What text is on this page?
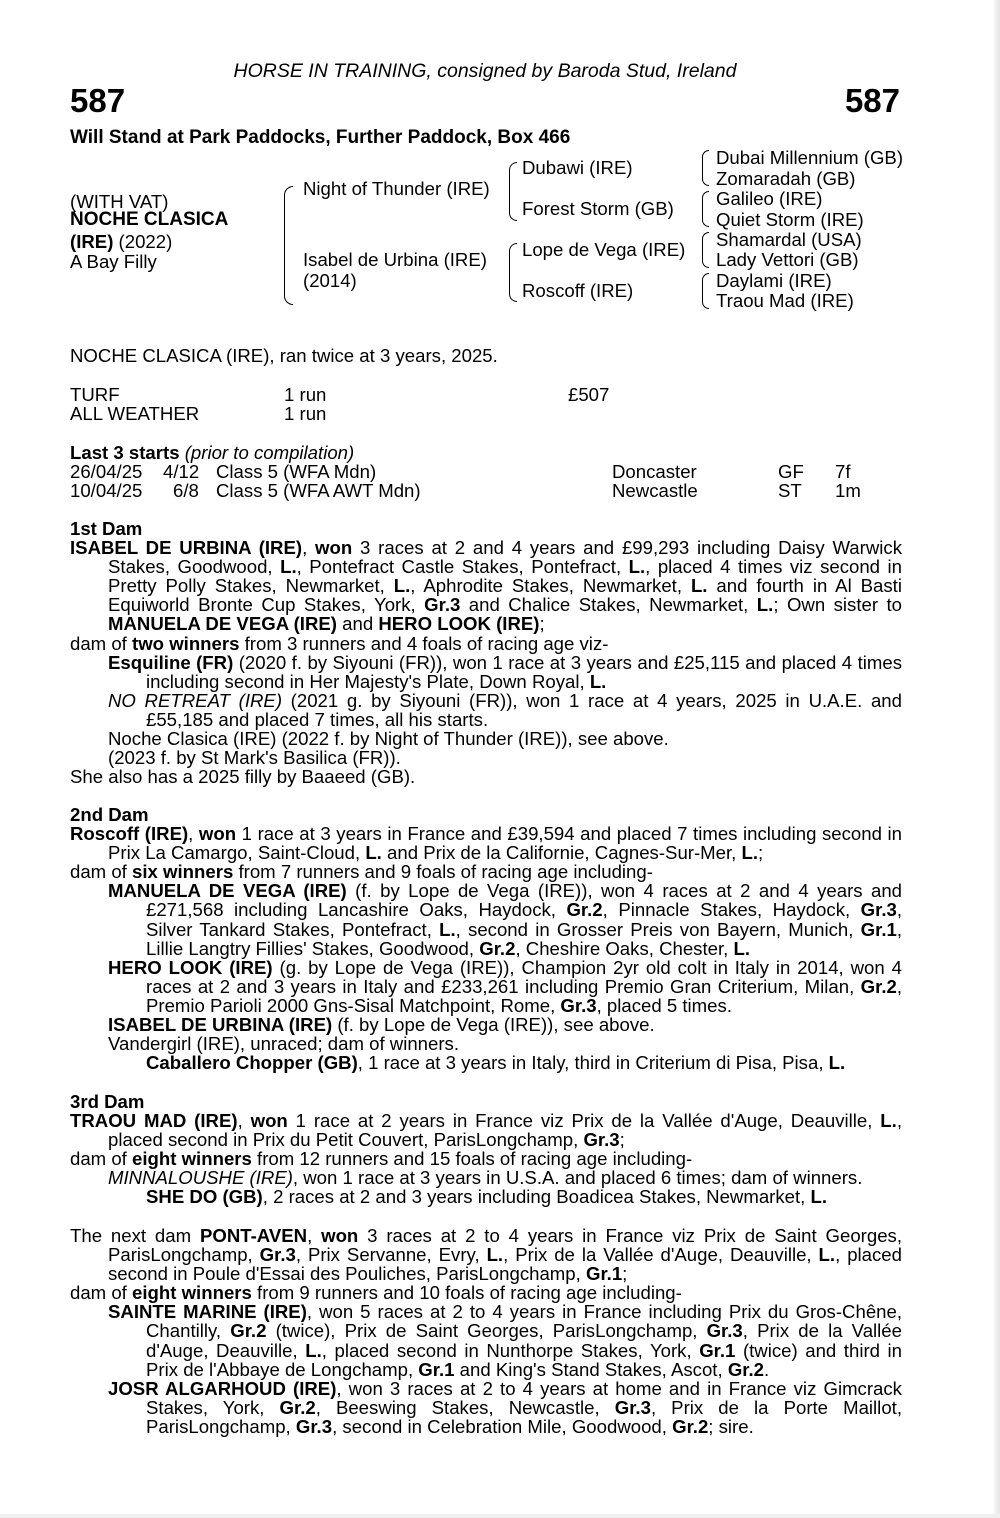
HORSE IN TRAINING, consigned by Baroda Stud, Ireland
587	587
Will Stand at Park Paddocks, Further Paddock, Box 466
(WITH VAT)
NOCHE CLASICA
(IRE) (2022)
A Bay Filly
Night of Thunder (IRE)
Isabel de Urbina (IRE)
(2014)
Dubawi (IRE)
Forest Storm (GB)
Lope de Vega (IRE)
Roscoff (IRE)
Dubai Millennium (GB)
Zomaradah (GB)
Galileo (IRE)
Quiet Storm (IRE)
Shamardal (USA)
Lady Vettori (GB)
Daylami (IRE)
Traou Mad (IRE)
NOCHE CLASICA (IRE), ran twice at 3 years, 2025.
TURF	1 run	£507
ALL WEATHER	1 run
Last 3 starts (prior to compilation)
26/04/25 4/12 Class 5 (WFA Mdn)	Doncaster	GF 7f
10/04/25 6/8 Class 5 (WFA AWT Mdn)	Newcastle	ST 1m

1st Dam

ISABEL DE URBINA (IRE), won 3 races at 2 and 4 years and £99,293 including Daisy Warwick Stakes, Goodwood, L., Pontefract Castle Stakes, Pontefract, L., placed 4 times viz second in Pretty Polly Stakes, Newmarket, L., Aphrodite Stakes, Newmarket, L. and fourth in Al Basti Equiworld Bronte Cup Stakes, York, Gr.3 and Chalice Stakes, Newmarket, L.; Own sister to MANUELA DE VEGA (IRE) and HERO LOOK (IRE);

dam of two winners from 3 runners and 4 foals of racing age viz-

Esquiline (FR) (2020 f. by Siyouni (FR)), won 1 race at 3 years and £25,115 and placed 4 times including second in Her Majesty's Plate, Down Royal, L.

NO RETREAT (IRE) (2021 g. by Siyouni (FR)), won 1 race at 4 years, 2025 in U.A.E. and £55,185 and placed 7 times, all his starts.

Noche Clasica (IRE) (2022 f. by Night of Thunder (IRE)), see above.

(2023 f. by St Mark's Basilica (FR)).

She also has a 2025 filly by Baaeed (GB).

2nd Dam

Roscoff (IRE), won 1 race at 3 years in France and £39,594 and placed 7 times including second in Prix La Camargo, Saint-Cloud, L. and Prix de la Californie, Cagnes-Sur-Mer, L.;

dam of six winners from 7 runners and 9 foals of racing age including-

MANUELA DE VEGA (IRE) (f. by Lope de Vega (IRE)), won 4 races at 2 and 4 years and £271,568 including Lancashire Oaks, Haydock, Gr.2, Pinnacle Stakes, Haydock, Gr.3, Silver Tankard Stakes, Pontefract, L., second in Grosser Preis von Bayern, Munich, Gr.1, Lillie Langtry Fillies' Stakes, Goodwood, Gr.2, Cheshire Oaks, Chester, L.

HERO LOOK (IRE) (g. by Lope de Vega (IRE)), Champion 2yr old colt in Italy in 2014, won 4 races at 2 and 3 years in Italy and £233,261 including Premio Gran Criterium, Milan, Gr.2, Premio Parioli 2000 Gns-Sisal Matchpoint, Rome, Gr.3, placed 5 times.

ISABEL DE URBINA (IRE) (f. by Lope de Vega (IRE)), see above.

Vandergirl (IRE), unraced; dam of winners.

Caballero Chopper (GB), 1 race at 3 years in Italy, third in Criterium di Pisa, Pisa, L.

3rd Dam

TRAOU MAD (IRE), won 1 race at 2 years in France viz Prix de la Vallée d'Auge, Deauville, L., placed second in Prix du Petit Couvert, ParisLongchamp, Gr.3;

dam of eight winners from 12 runners and 15 foals of racing age including-

MINNALOUSHE (IRE), won 1 race at 3 years in U.S.A. and placed 6 times; dam of winners.

SHE DO (GB), 2 races at 2 and 3 years including Boadicea Stakes, Newmarket, L.

The next dam PONT-AVEN, won 3 races at 2 to 4 years in France viz Prix de Saint Georges, ParisLongchamp, Gr.3, Prix Servanne, Evry, L., Prix de la Vallée d'Auge, Deauville, L., placed second in Poule d'Essai des Pouliches, ParisLongchamp, Gr.1;

dam of eight winners from 9 runners and 10 foals of racing age including-

SAINTE MARINE (IRE), won 5 races at 2 to 4 years in France including Prix du Gros-Chêne, Chantilly, Gr.2 (twice), Prix de Saint Georges, ParisLongchamp, Gr.3, Prix de la Vallée d'Auge, Deauville, L., placed second in Nunthorpe Stakes, York, Gr.1 (twice) and third in Prix de l'Abbaye de Longchamp, Gr.1 and King's Stand Stakes, Ascot, Gr.2.

JOSR ALGARHOUD (IRE), won 3 races at 2 to 4 years at home and in France viz Gimcrack Stakes, York, Gr.2, Beeswing Stakes, Newcastle, Gr.3, Prix de la Porte Maillot, ParisLongchamp, Gr.3, second in Celebration Mile, Goodwood, Gr.2; sire.
